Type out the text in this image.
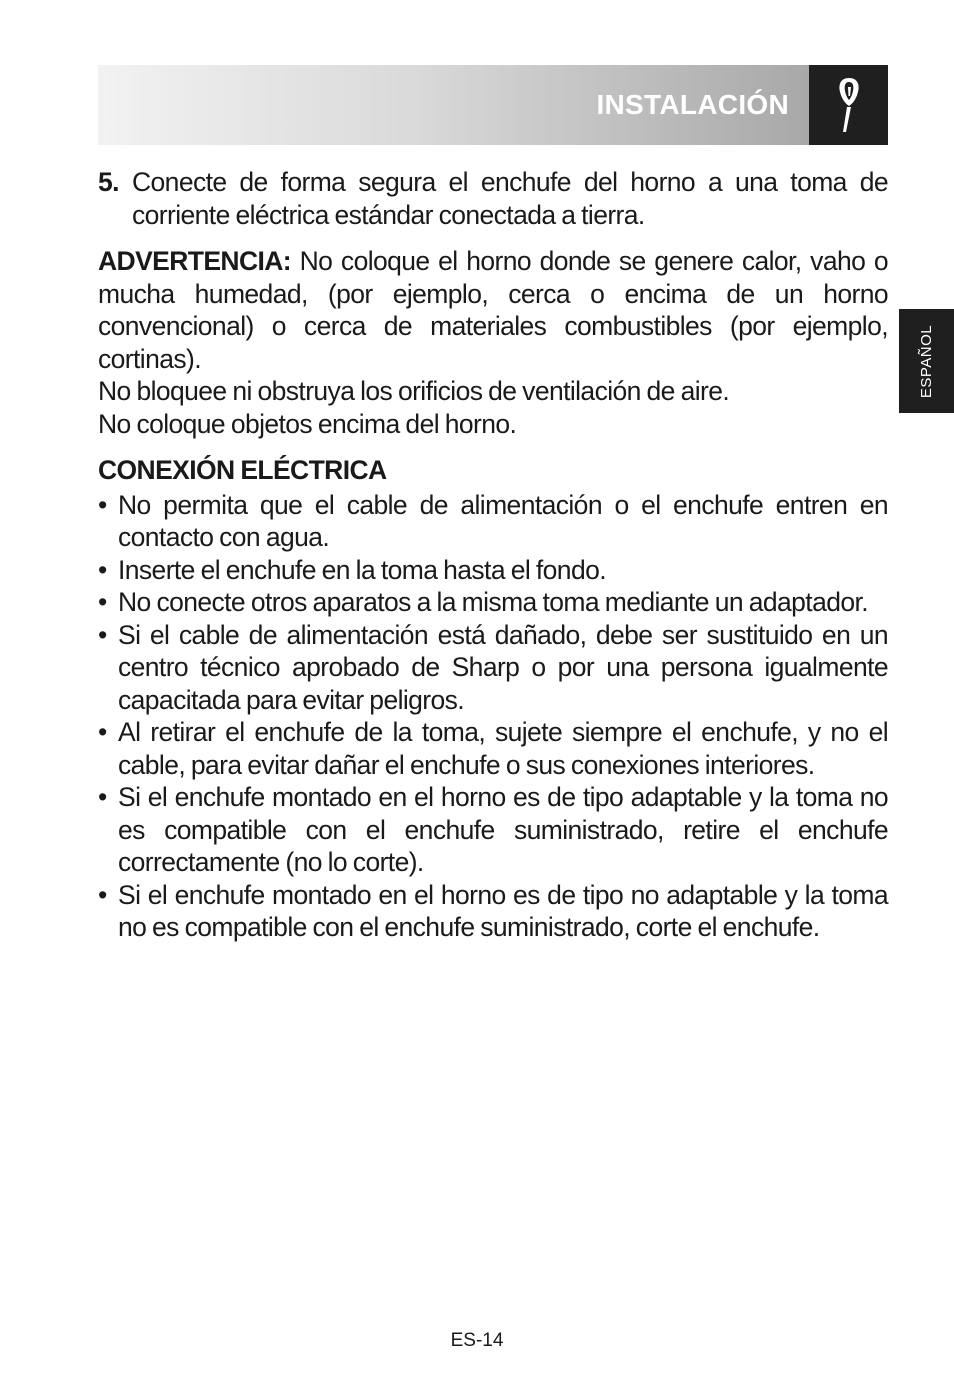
INSTALACIÓN
ESPAÑOL
5. Conecte de forma segura el enchufe del horno a una toma de corriente eléctrica estándar conectada a tierra.
ADVERTENCIA: No coloque el horno donde se genere calor, vaho o mucha humedad, (por ejemplo, cerca o encima de un horno convencional) o cerca de materiales combustibles (por ejemplo, cortinas).
No bloquee ni obstruya los orificios de ventilación de aire.
No coloque objetos encima del horno.
CONEXIÓN ELÉCTRICA
• No permita que el cable de alimentación o el enchufe entren en contacto con agua.
• Inserte el enchufe en la toma hasta el fondo.
• No conecte otros aparatos a la misma toma mediante un adaptador.
• Si el cable de alimentación está dañado, debe ser sustituido en un centro técnico aprobado de Sharp o por una persona igualmente capacitada para evitar peligros.
• Al retirar el enchufe de la toma, sujete siempre el enchufe, y no el cable, para evitar dañar el enchufe o sus conexiones interiores.
• Si el enchufe montado en el horno es de tipo adaptable y la toma no es compatible con el enchufe suministrado, retire el enchufe correctamente (no lo corte).
• Si el enchufe montado en el horno es de tipo no adaptable y la toma no es compatible con el enchufe suministrado, corte el enchufe.
ES-14
